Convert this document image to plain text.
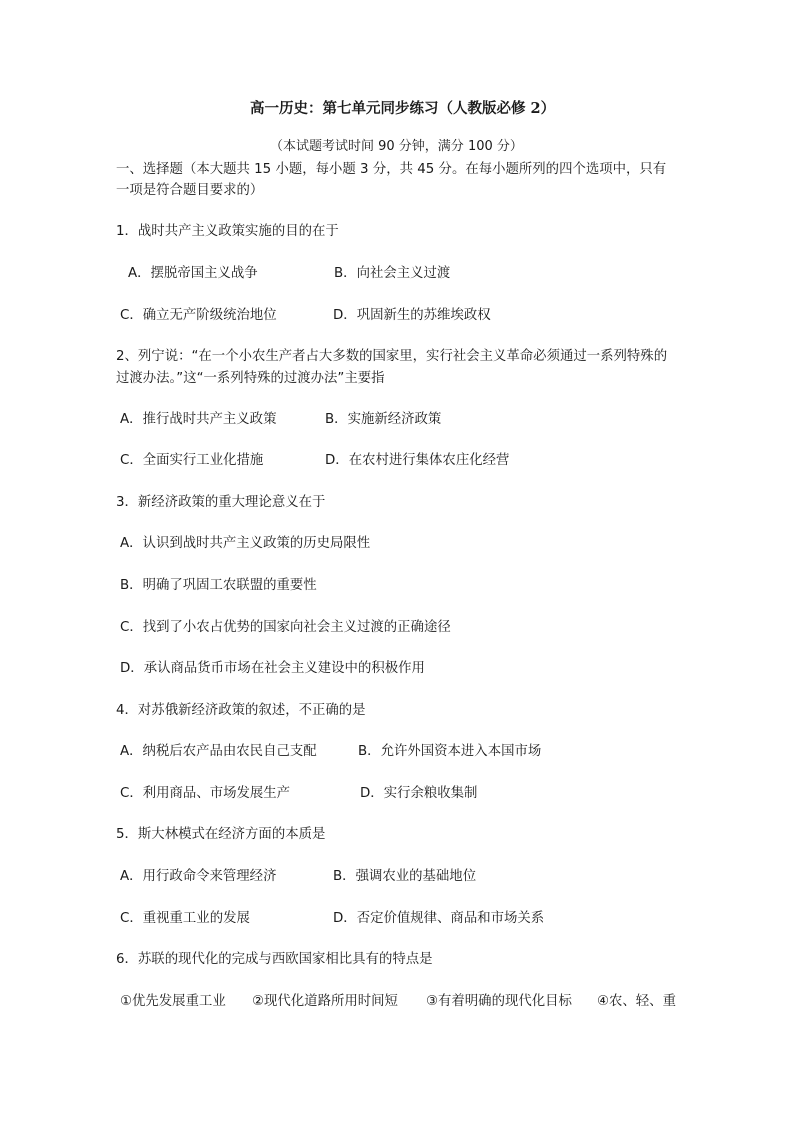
高一历史：第七单元同步练习（人教版必修 2）
（本试题考试时间 90 分钟，满分 100 分）
一、选择题（本大题共 15 小题，每小题 3 分，共 45 分。在每小题所列的四个选项中，只有
一项是符合题目要求的）
1．战时共产主义政策实施的目的在于
A．摆脱帝国主义战争	B．向社会主义过渡
C．确立无产阶级统治地位	D．巩固新生的苏维埃政权
2、列宁说：“在一个小农生产者占大多数的国家里，实行社会主义革命必须通过一系列特殊的
过渡办法。”这“一系列特殊的过渡办法”主要指
A．推行战时共产主义政策	B．实施新经济政策
C．全面实行工业化措施	D．在农村进行集体农庄化经营
3．新经济政策的重大理论意义在于
A．认识到战时共产主义政策的历史局限性
B．明确了巩固工农联盟的重要性
C．找到了小农占优势的国家向社会主义过渡的正确途径
D．承认商品货币市场在社会主义建设中的积极作用
4．对苏俄新经济政策的叙述，不正确的是
A．纳税后农产品由农民自己支配	B．允许外国资本进入本国市场
C．利用商品、市场发展生产	D．实行余粮收集制
5．斯大林模式在经济方面的本质是
A．用行政命令来管理经济	B．强调农业的基础地位
C．重视重工业的发展	D．否定价值规律、商品和市场关系
6．苏联的现代化的完成与西欧国家相比具有的特点是
①优先发展重工业 ②现代化道路所用时间短 ③有着明确的现代化目标 ④农、轻、重
